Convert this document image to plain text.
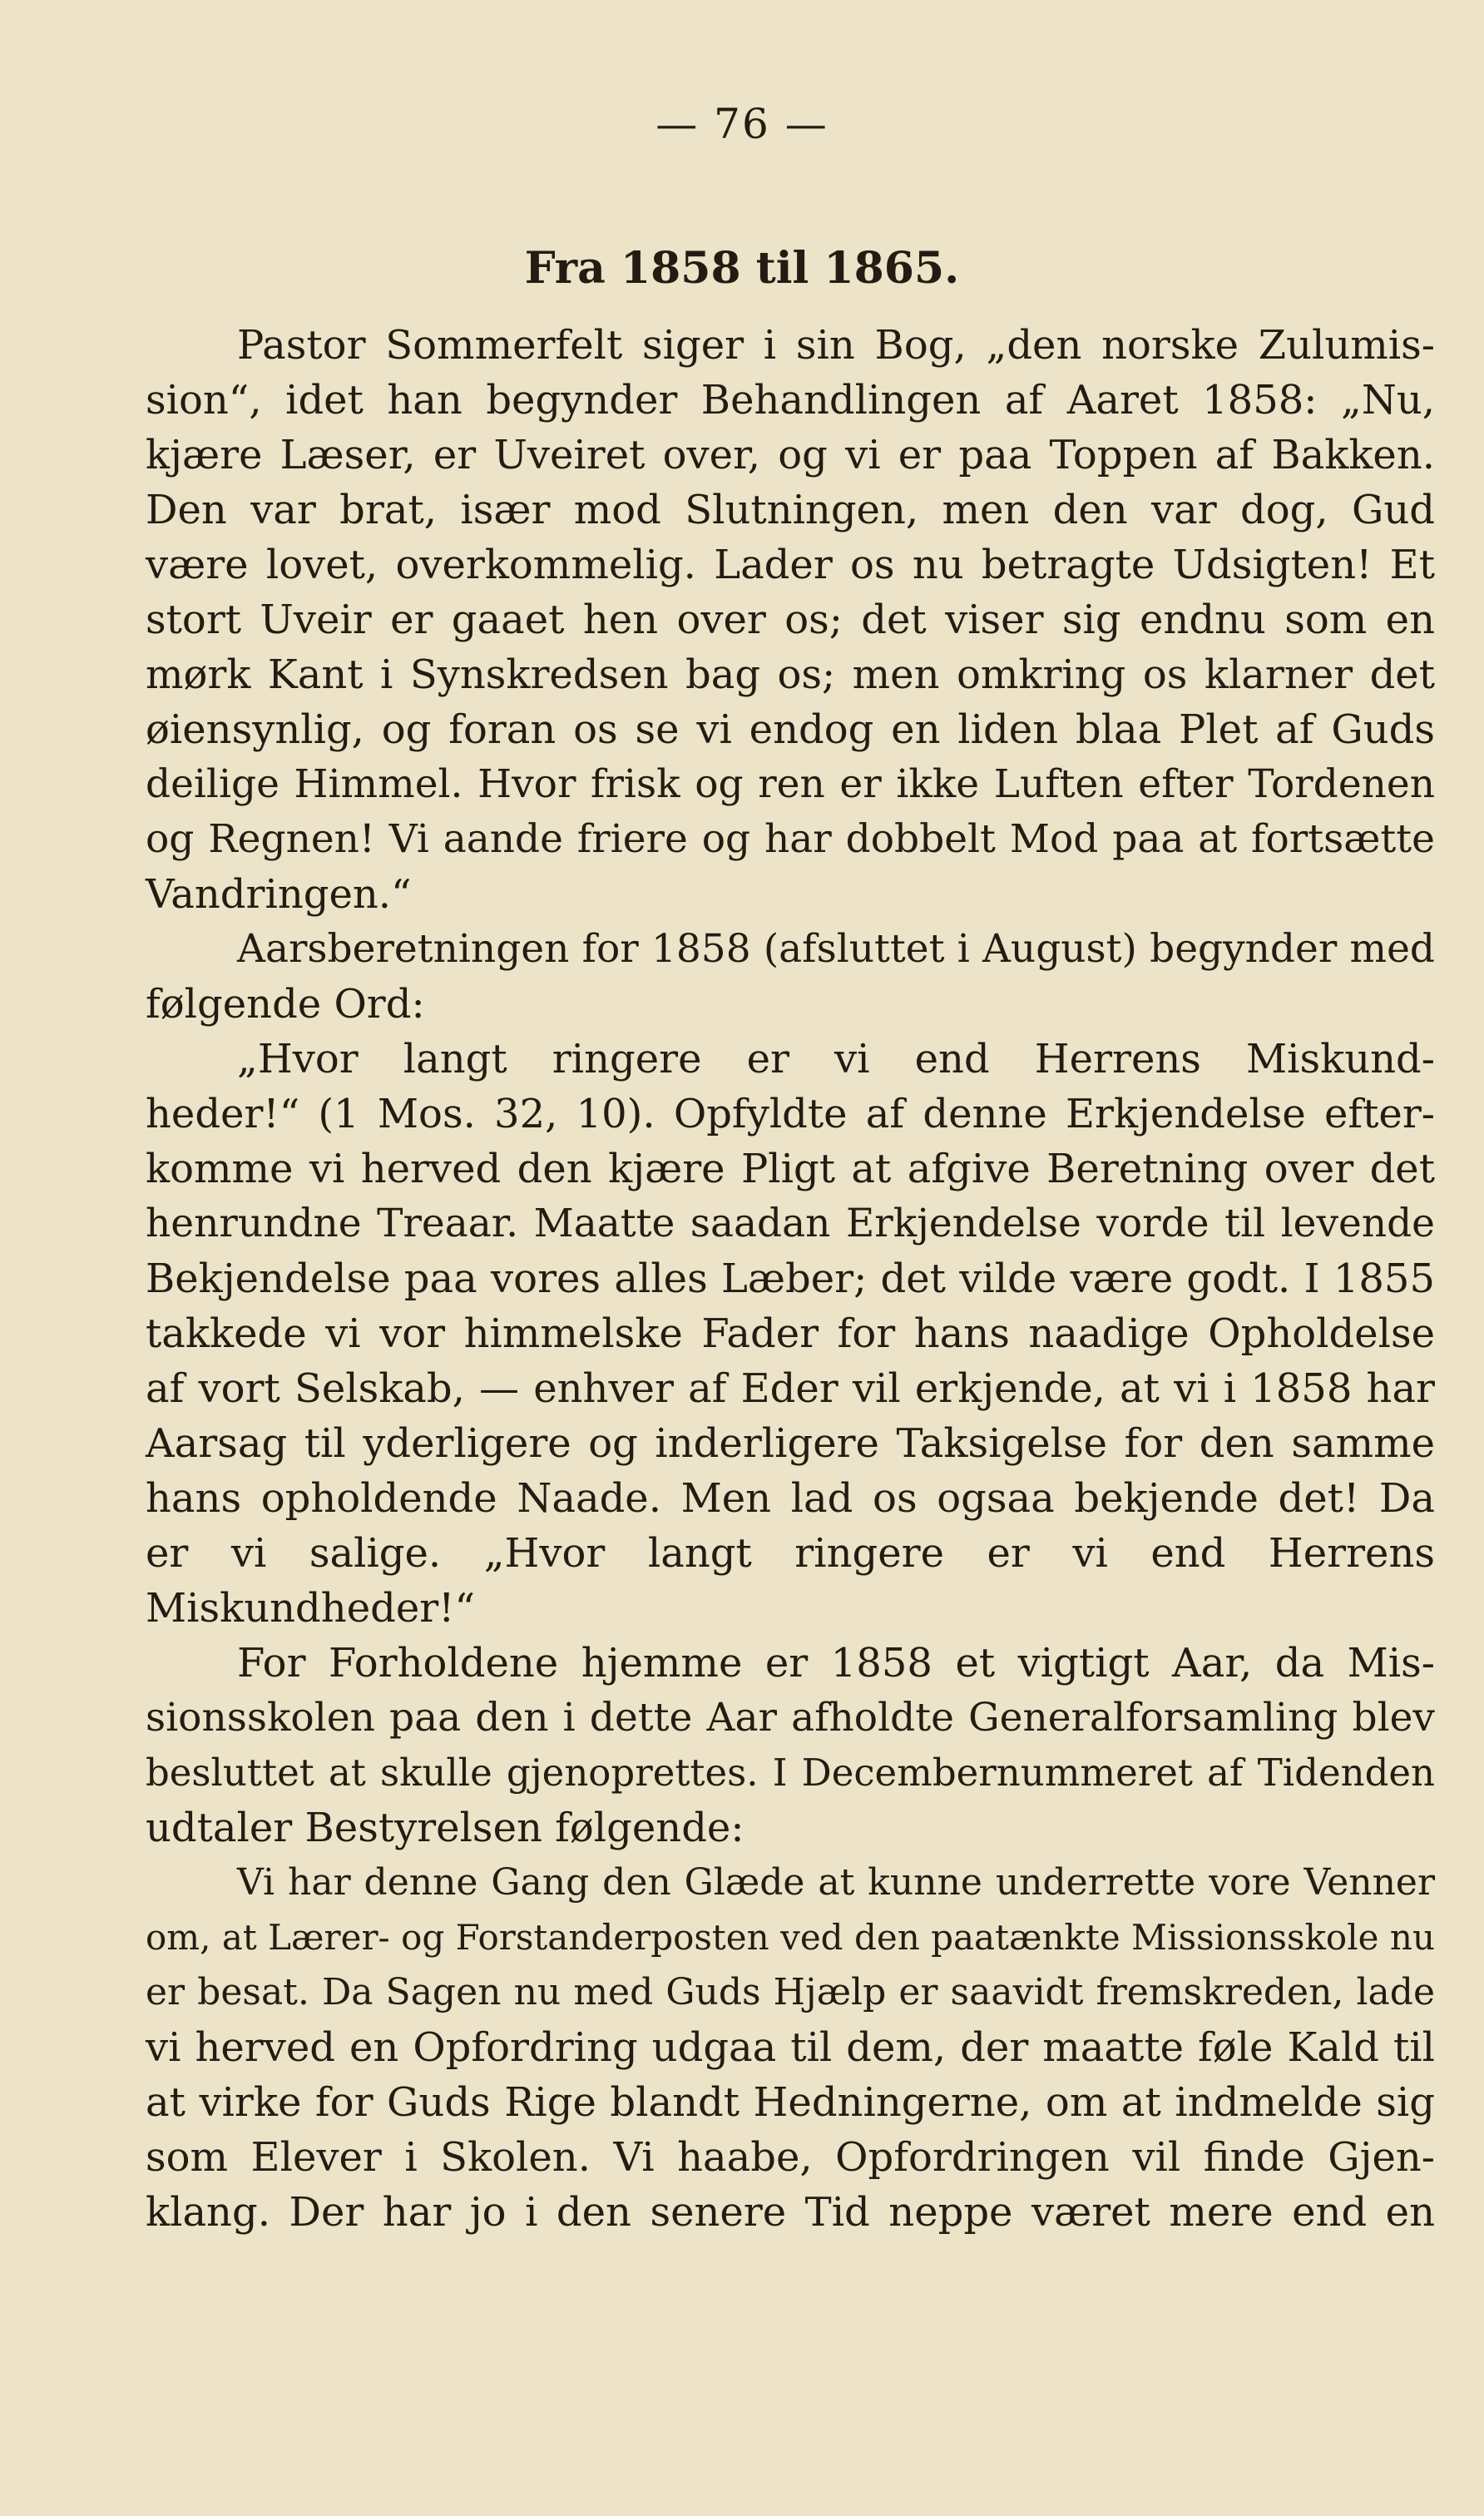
— 76 —
Fra 1858 til 1865.
Pastor Sommerfelt siger i sin Bog, „den norske Zulumis-
sion“, idet han begynder Behandlingen af Aaret 1858: „Nu,
kjære Læser, er Uveiret over, og vi er paa Toppen af Bakken.
Den var brat, især mod Slutningen, men den var dog, Gud
være lovet, overkommelig. Lader os nu betragte Udsigten! Et
stort Uveir er gaaet hen over os; det viser sig endnu som en
mørk Kant i Synskredsen bag os; men omkring os klarner det
øiensynlig, og foran os se vi endog en liden blaa Plet af Guds
deilige Himmel. Hvor frisk og ren er ikke Luften efter Tordenen
og Regnen! Vi aande friere og har dobbelt Mod paa at fortsætte
Vandringen.“
Aarsberetningen for 1858 (afsluttet i August) begynder med
følgende Ord:
„Hvor langt ringere er vi end Herrens Miskund-
heder!“ (1 Mos. 32, 10). Opfyldte af denne Erkjendelse efter-
komme vi herved den kjære Pligt at afgive Beretning over det
henrundne Treaar. Maatte saadan Erkjendelse vorde til levende
Bekjendelse paa vores alles Læber; det vilde være godt. I 1855
takkede vi vor himmelske Fader for hans naadige Opholdelse
af vort Selskab, — enhver af Eder vil erkjende, at vi i 1858 har
Aarsag til yderligere og inderligere Taksigelse for den samme
hans opholdende Naade. Men lad os ogsaa bekjende det! Da
er vi salige. „Hvor langt ringere er vi end Herrens
Miskundheder!“
For Forholdene hjemme er 1858 et vigtigt Aar, da Mis-
sionsskolen paa den i dette Aar afholdte Generalforsamling blev
besluttet at skulle gjenoprettes. I Decembernummeret af Tidenden
udtaler Bestyrelsen følgende:
Vi har denne Gang den Glæde at kunne underrette vore Venner
om, at Lærer- og Forstanderposten ved den paatænkte Missionsskole nu
er besat. Da Sagen nu med Guds Hjælp er saavidt fremskreden, lade
vi herved en Opfordring udgaa til dem, der maatte føle Kald til
at virke for Guds Rige blandt Hedningerne, om at indmelde sig
som Elever i Skolen. Vi haabe, Opfordringen vil finde Gjen-
klang. Der har jo i den senere Tid neppe været mere end en
